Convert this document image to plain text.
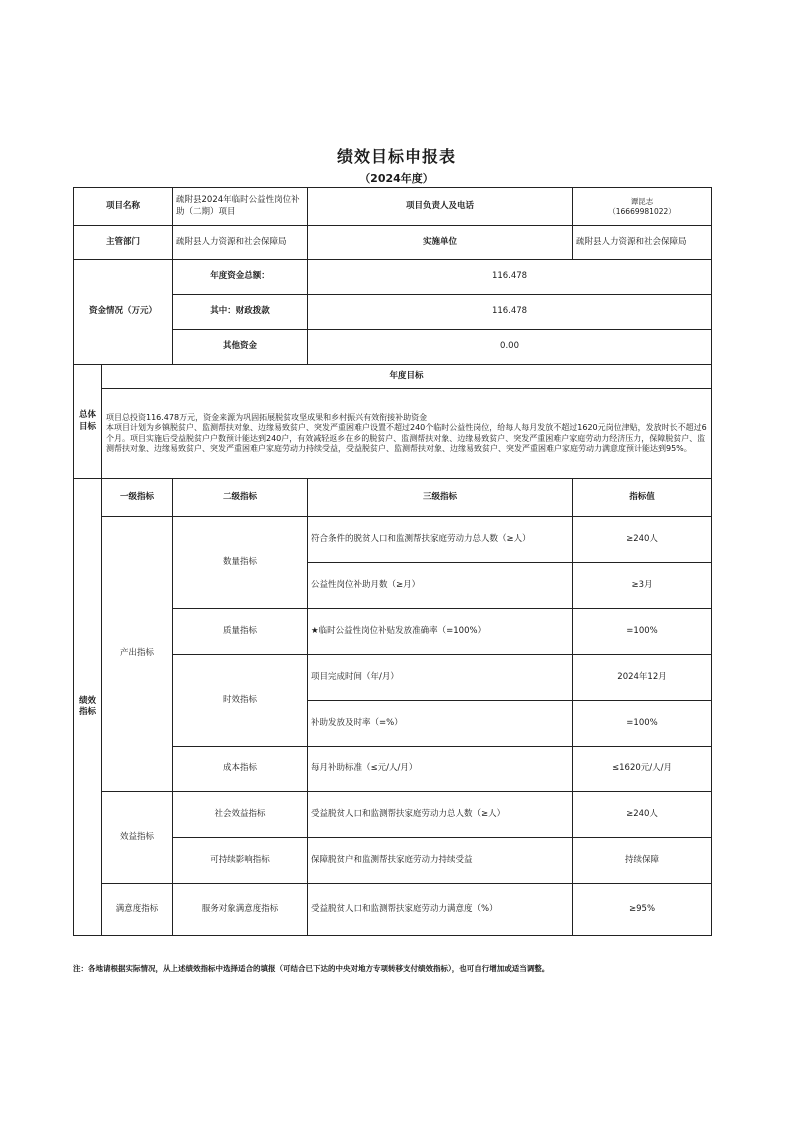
绩效目标申报表
（2024年度）
项目名称		疏附县2024年临时公益性岗位补助（二期）项目	项目负责人及电话	谭昆志
（16669981022）

主管部门		疏附县人力资源和社会保障局	实施单位	疏附县人力资源和社会保障局
资金情况（万元）		年度资金总额：	116.478	
		其中：财政拨款	116.478	
		其他资金	0.00	
总体目标	年度目标			
	项目总投资116.478万元，资金来源为巩固拓展脱贫攻坚成果和乡村振兴有效衔接补助资金
本项目计划为乡镇脱贫户、监测帮扶对象、边缘易致贫户、突发严重困难户设置不超过240个临时公益性岗位，给每人每月发放不超过1620元岗位津贴，发放时长不超过6个月。项目实施后受益脱贫户户数预计能达到240户，有效减轻返乡在乡的脱贫户、监测帮扶对象、边缘易致贫户、突发严重困难户家庭劳动力经济压力，保障脱贫户、监测帮扶对象、边缘易致贫户、突发严重困难户家庭劳动力持续受益，受益脱贫户、监测帮扶对象、边缘易致贫户、突发严重困难户家庭劳动力满意度预计能达到95%。			
绩效指标	一级指标	二级指标	三级指标	指标值
	产出指标	数量指标	符合条件的脱贫人口和监测帮扶家庭劳动力总人数（≥人）	≥240人
			公益性岗位补助月数（≥月）	≥3月
		质量指标	★临时公益性岗位补贴发放准确率（=100%）	=100%
		时效指标	项目完成时间（年/月）	2024年12月
			补助发放及时率（=%）	=100%
		成本指标	每月补助标准（≤元/人/月）	≤1620元/人/月
	效益指标	社会效益指标	受益脱贫人口和监测帮扶家庭劳动力总人数（≥人）	≥240人
		可持续影响指标	保障脱贫户和监测帮扶家庭劳动力持续受益	持续保障
	满意度指标	服务对象满意度指标	受益脱贫人口和监测帮扶家庭劳动力满意度（%）	≥95%
注：各地请根据实际情况，从上述绩效指标中选择适合的填报（可结合已下达的中央对地方专项转移支付绩效指标），也可自行增加或适当调整。
